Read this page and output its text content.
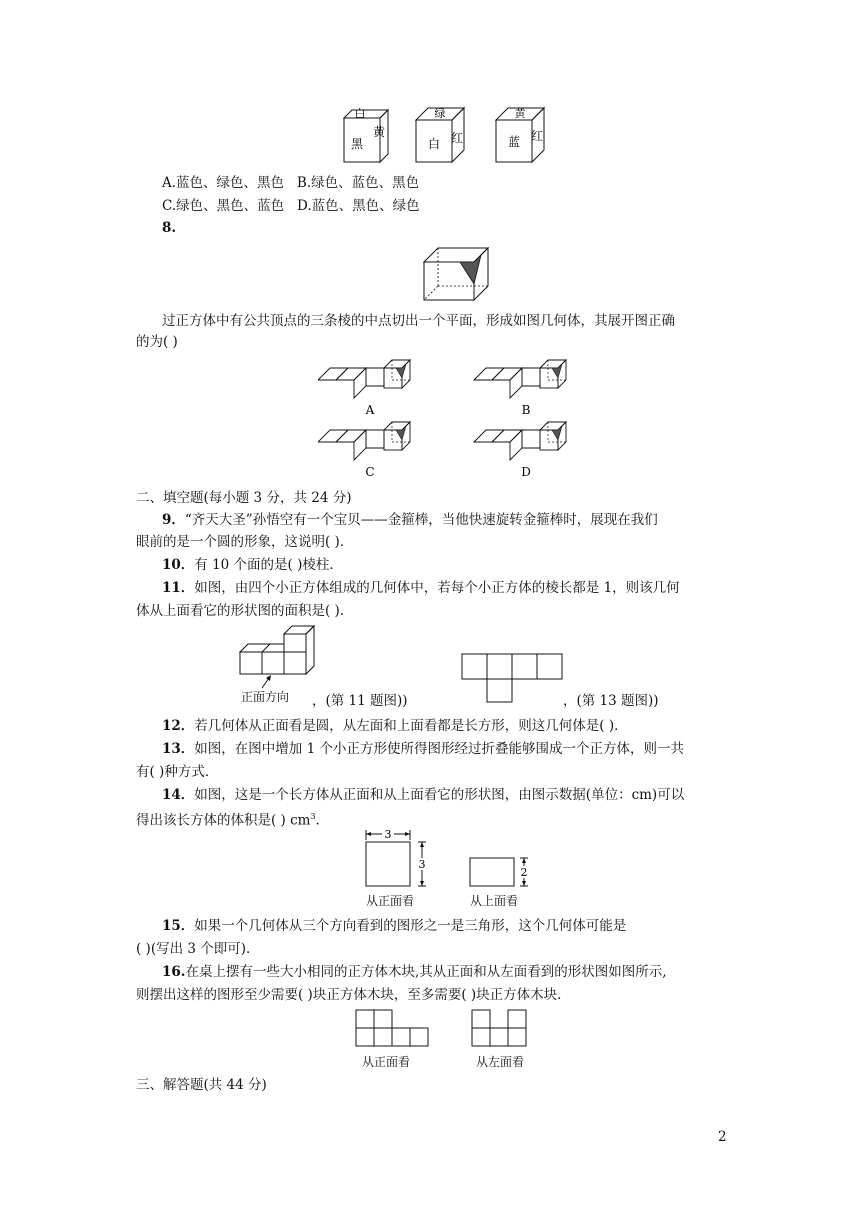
白
黑
黄
绿
白 红
黄
蓝 红
A.蓝色、绿色、黑色 B.绿色、蓝色、黑色
C.绿色、黑色、蓝色 D.蓝色、黑色、绿色
8.
过正方体中有公共顶点的三条棱的中点切出一个平面，形成如图几何体，其展开图正确
的为( )
A	B
C	D
二、填空题(每小题 3 分，共 24 分)
9．“齐天大圣”孙悟空有一个宝贝——金箍棒，当他快速旋转金箍棒时，展现在我们
眼前的是一个圆的形象，这说明( )．
10．有 10 个面的是( )棱柱．
11．如图，由四个小正方体组成的几何体中，若每个小正方体的棱长都是 1，则该几何
体从上面看它的形状图的面积是( )．
正面方向 ，(第 11 题图))	，(第 13 题图))
12．若几何体从正面看是圆，从左面和上面看都是长方形，则这几何体是( )．
13．如图，在图中增加 1 个小正方形使所得图形经过折叠能够围成一个正方体，则一共
有( )种方式．
14．如图，这是一个长方体从正面和从上面看它的形状图，由图示数据(单位：cm)可以
得出该长方体的体积是( ) $cm^3$．
3
3
2
从正面看	从上面看
15．如果一个几何体从三个方向看到的图形之一是三角形，这个几何体可能是
( )(写出 3 个即可)．
16.在桌上摆有一些大小相同的正方体木块,其从正面和从左面看到的形状图如图所示,
则摆出这样的图形至少需要( )块正方体木块，至多需要( )块正方体木块.
从正面看	从左面看
三、解答题(共 44 分)
2
